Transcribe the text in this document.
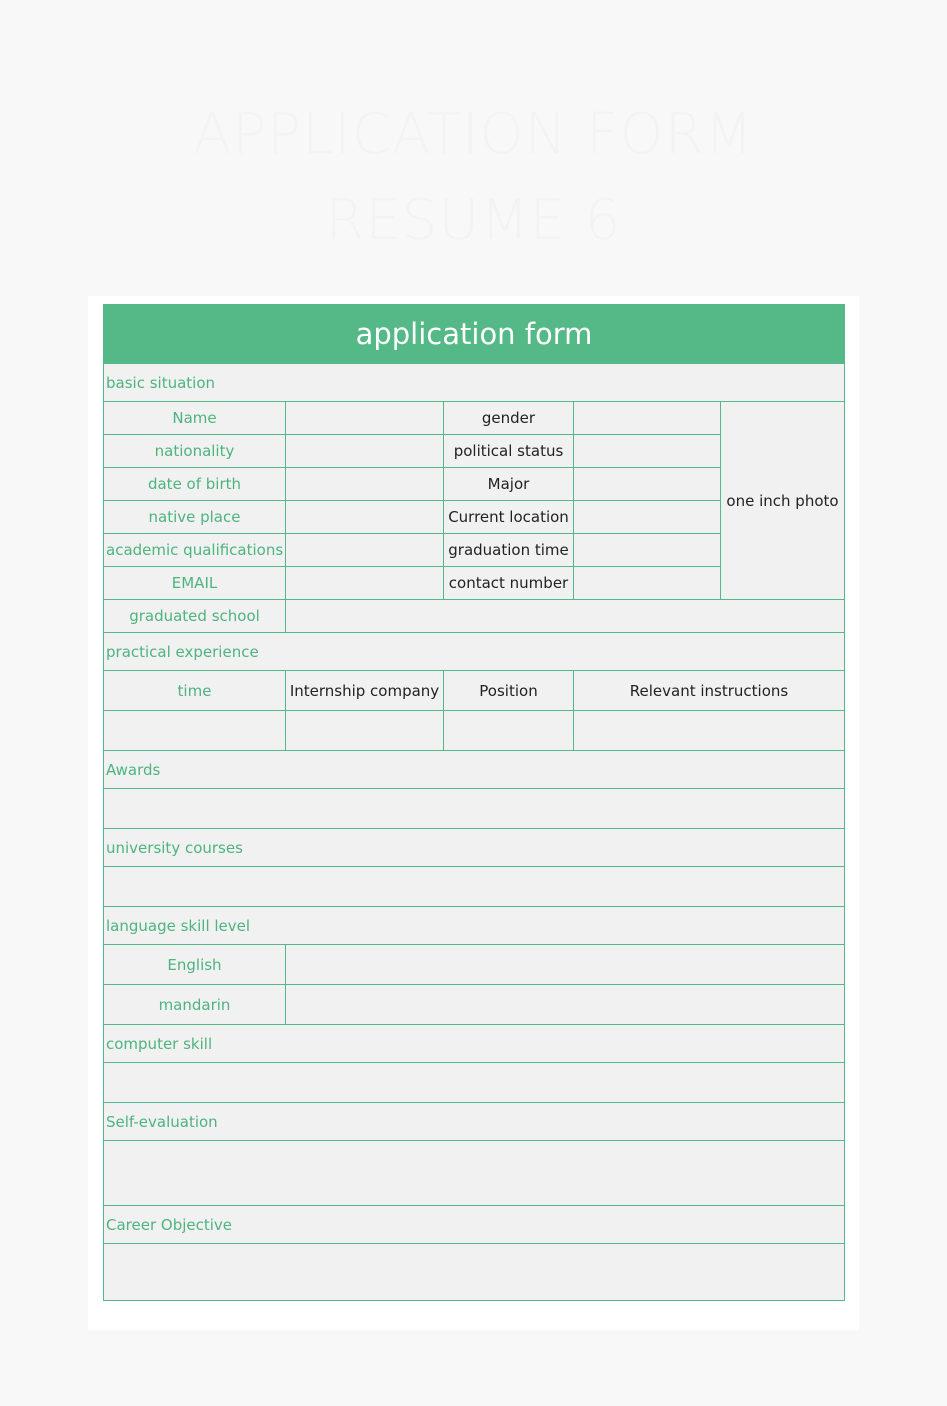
APPLICATION FORM RESUME 6
application form				
basic situation				
Name		gender		one inch photo
nationality		political status		
date of birth		Major		
native place		Current location		
academic qualifications		graduation time		
EMAIL		contact number		
graduated school				
practical experience				
time	Internship company	Position	Relevant instructions	

Awards				

university courses				

language skill level				
English				
mandarin				
computer skill				

Self-evaluation				

Career Objective				
